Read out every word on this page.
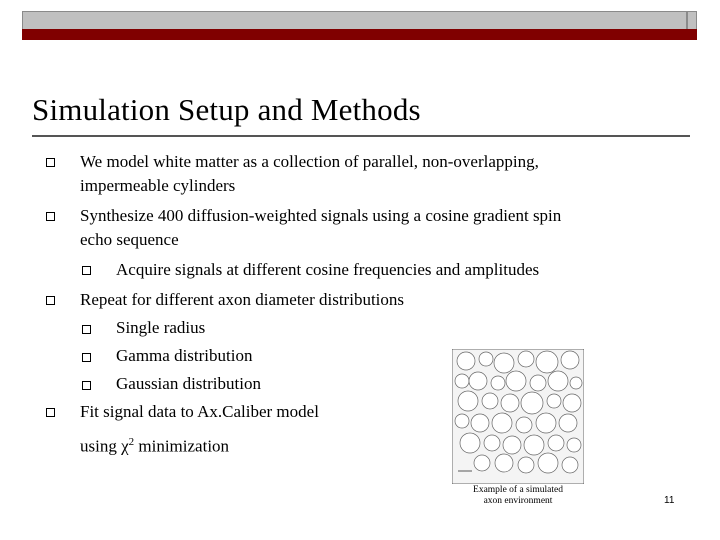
Simulation Setup and Methods
We model white matter as a collection of parallel, non-overlapping,
impermeable cylinders
Synthesize 400 diffusion-weighted signals using a cosine gradient spin
echo sequence
Acquire signals at different cosine frequencies and amplitudes
Repeat for different axon diameter distributions
Single radius
Gamma distribution
Gaussian distribution
Fit signal data to Ax.Caliber model
using $\chi^2$ minimization
Example of a simulated
axon environment	11
